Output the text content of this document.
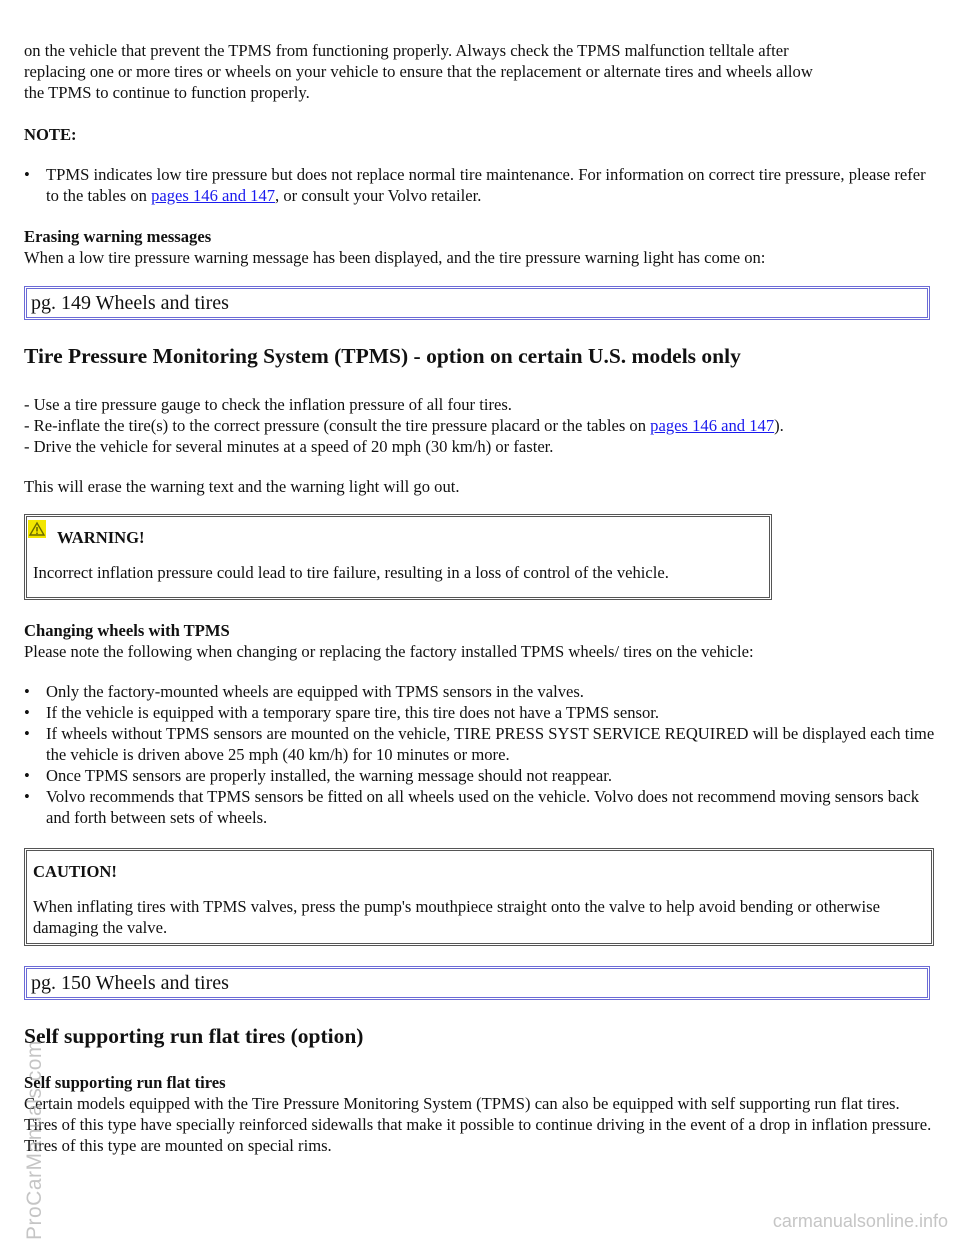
on the vehicle that prevent the TPMS from functioning properly. Always check the TPMS malfunction telltale after

replacing one or more tires or wheels on your vehicle to ensure that the replacement or alternate tires and wheels allow

the TPMS to continue to function properly.

NOTE:

• TPMS indicates low tire pressure but does not replace normal tire maintenance. For information on correct tire pressure, please refer to the tables on pages 146 and 147, or consult your Volvo retailer.

Erasing warning messages

When a low tire pressure warning message has been displayed, and the tire pressure warning light has come on:

pg. 149 Wheels and tires
Tire Pressure Monitoring System (TPMS) - option on certain U.S. models only

- Use a tire pressure gauge to check the inflation pressure of all four tires.

- Re-inflate the tire(s) to the correct pressure (consult the tire pressure placard or the tables on pages 146 and 147).

- Drive the vehicle for several minutes at a speed of 20 mph (30 km/h) or faster.

This will erase the warning text and the warning light will go out.

WARNING!

Incorrect inflation pressure could lead to tire failure, resulting in a loss of control of the vehicle.

Changing wheels with TPMS

Please note the following when changing or replacing the factory installed TPMS wheels/ tires on the vehicle:

• Only the factory-mounted wheels are equipped with TPMS sensors in the valves.
• If the vehicle is equipped with a temporary spare tire, this tire does not have a TPMS sensor.
• If wheels without TPMS sensors are mounted on the vehicle, TIRE PRESS SYST SERVICE REQUIRED will be displayed each time the vehicle is driven above 25 mph (40 km/h) for 10 minutes or more.
• Once TPMS sensors are properly installed, the warning message should not reappear.
• Volvo recommends that TPMS sensors be fitted on all wheels used on the vehicle. Volvo does not recommend moving sensors back and forth between sets of wheels.

CAUTION!

When inflating tires with TPMS valves, press the pump's mouthpiece straight onto the valve to help avoid bending or otherwise damaging the valve.

pg. 150 Wheels and tires
Self supporting run flat tires (option)

Self supporting run flat tires

Certain models equipped with the Tire Pressure Monitoring System (TPMS) can also be equipped with self supporting run flat tires.

Tires of this type have specially reinforced sidewalls that make it possible to continue driving in the event of a drop in inflation pressure. Tires of this type are mounted on special rims.

ProCarManuals.com	carmanualsonline.info
